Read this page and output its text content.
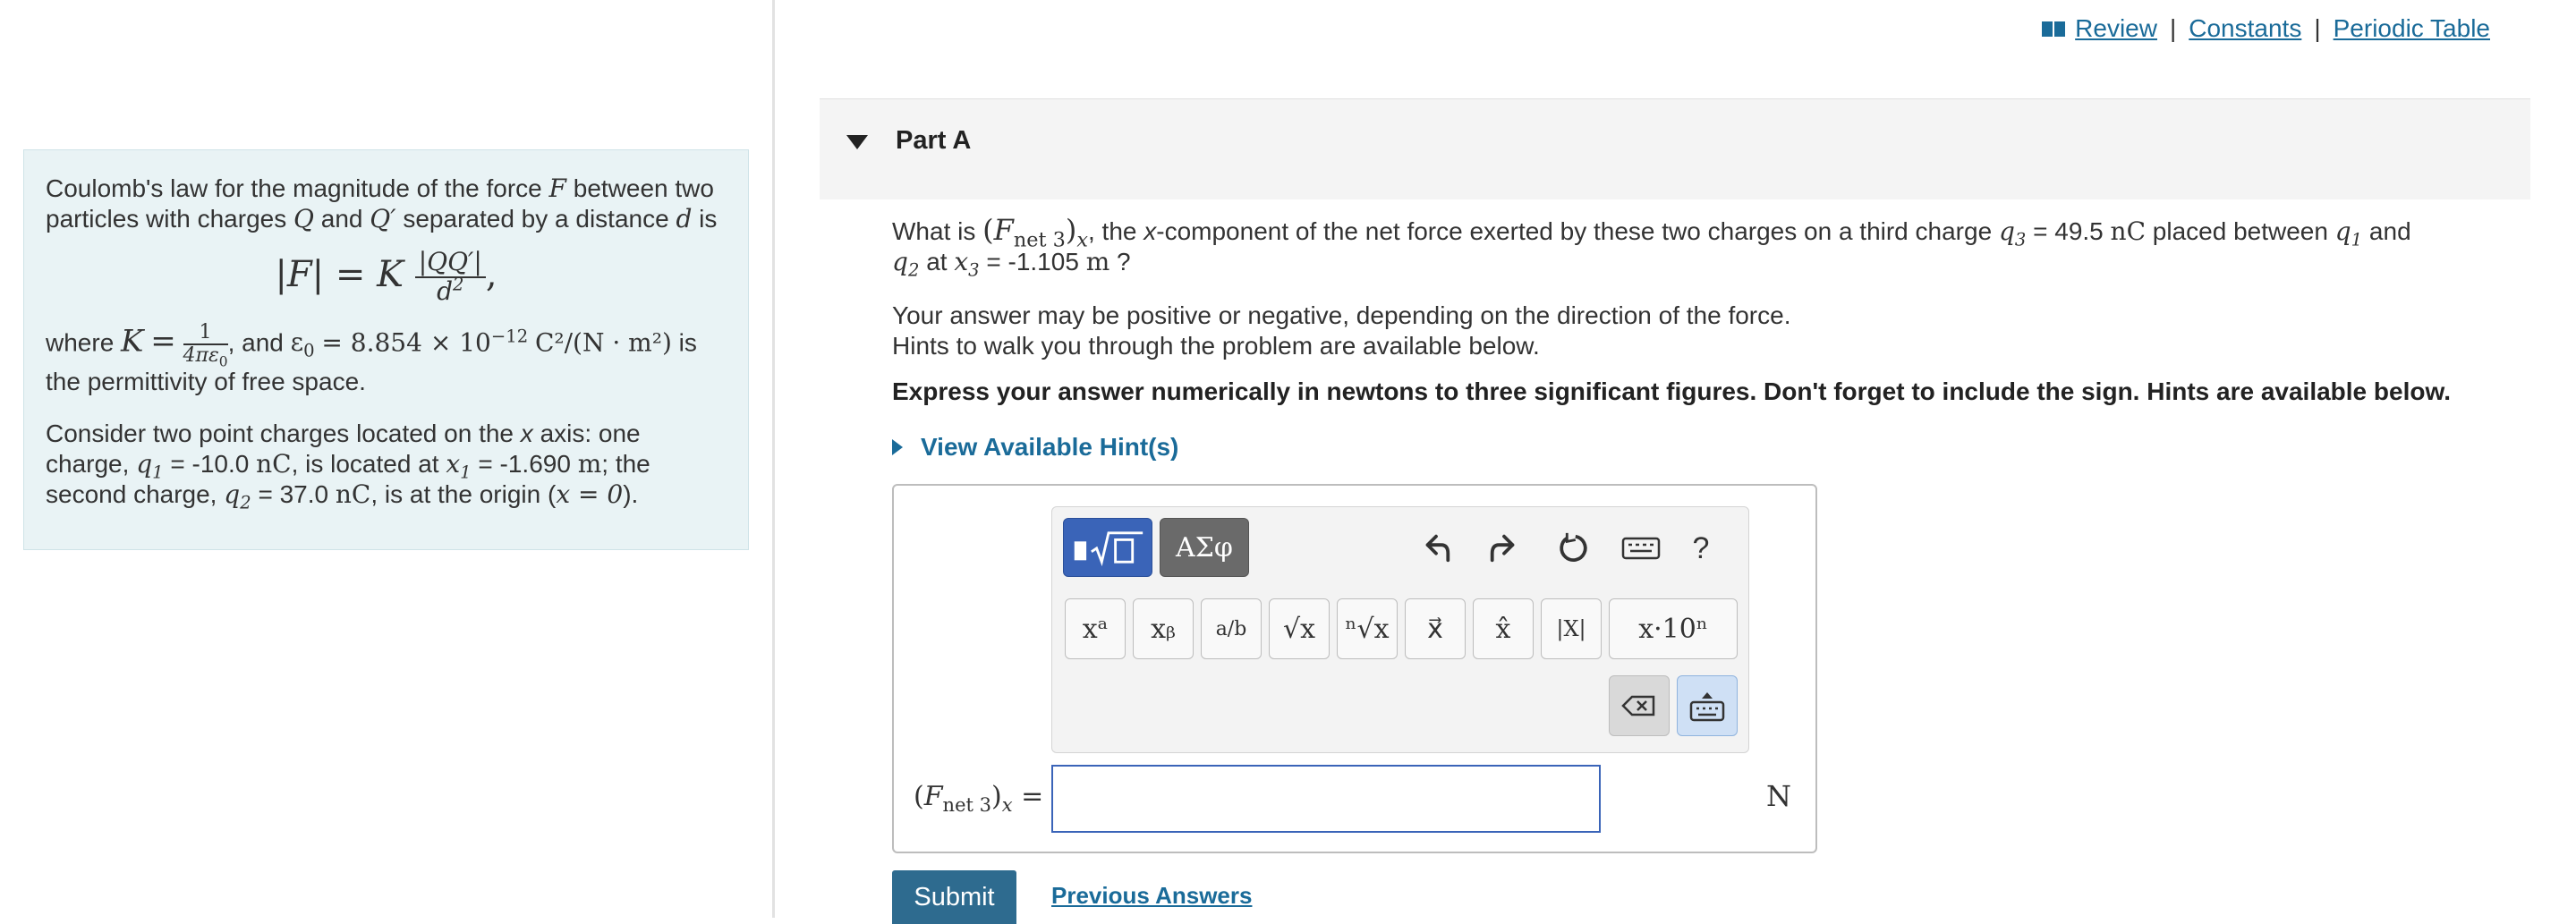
Coulomb's law for the magnitude of the force F between two particles with charges Q and Q′ separated by a distance d is

|F| = K $\frac{|QQ'|}{d^2}$ ,

where $K = \frac{1}{4\pi\varepsilon_0}$ , and $\varepsilon_0 = 8.854 \times 10^{-12}$ C²/(N · m²) is the permittivity of free space.

Consider two point charges located on the x axis: one charge, $q_1 = -10.0$ nC, is located at $x_1 = -1.690$ m; the second charge, $q_2 = 37.0$ nC, is at the origin (x = 0).

Review | Constants | Periodic Table
Part A
What is $(F_{net 3})_x$, the x-component of the net force exerted by these two charges on a third charge $q_3 = 49.5$ nC placed between $q_1$ and $q_2$ at $x_3 = -1.105$ m ?
Your answer may be positive or negative, depending on the direction of the force.
Hints to walk you through the problem are available below.
Express your answer numerically in newtons to three significant figures. Don't forget to include the sign. Hints are available below.
View Available Hint(s)
ΑΣφ	?
xᵃ	xᵦ	a/b	√x	ⁿ√x	x⃗	x̂	|X|	x·10ⁿ
$(F_{net 3})_x$ =	N
Submit	Previous Answers
